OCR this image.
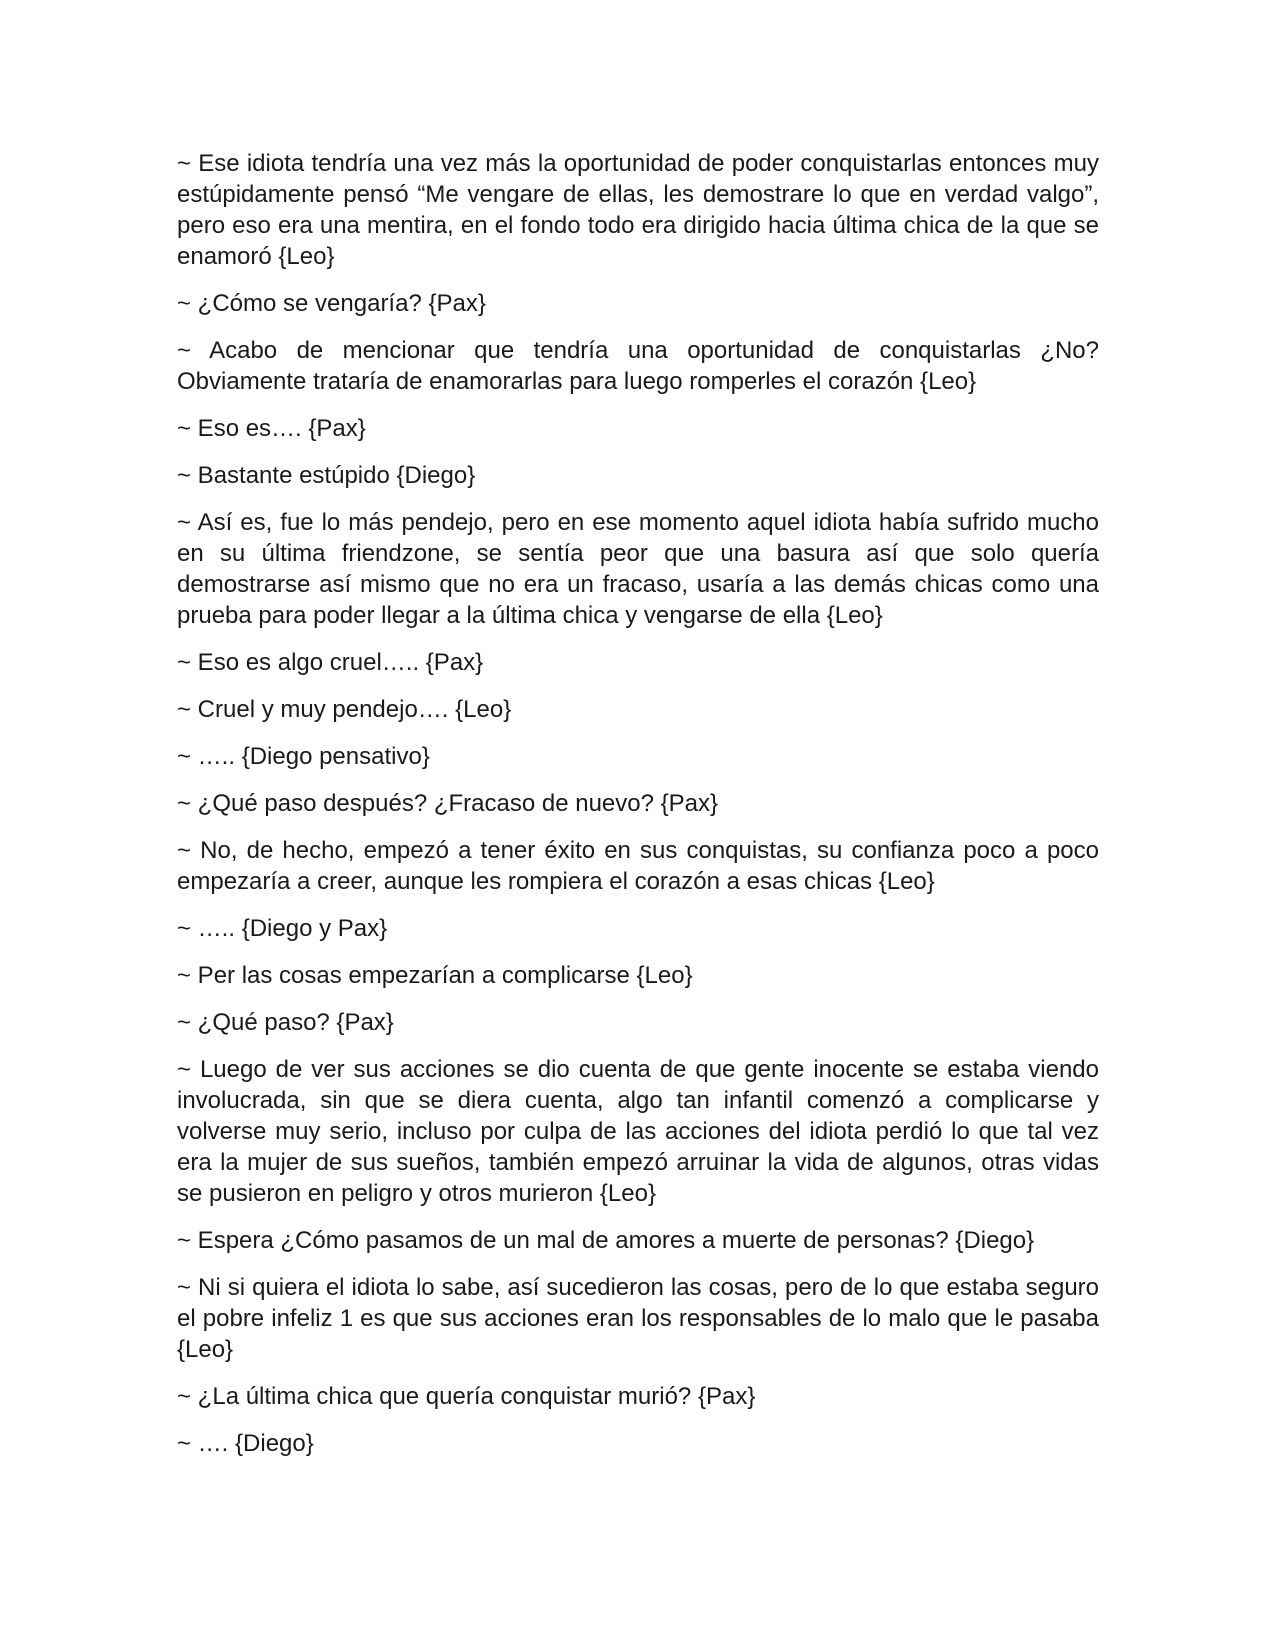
~ Ese idiota tendría una vez más la oportunidad de poder conquistarlas entonces muy estúpidamente pensó “Me vengare de ellas, les demostrare lo que en verdad valgo”, pero eso era una mentira, en el fondo todo era dirigido hacia última chica de la que se enamoró {Leo}

~ ¿Cómo se vengaría? {Pax}

~ Acabo de mencionar que tendría una oportunidad de conquistarlas ¿No? Obviamente trataría de enamorarlas para luego romperles el corazón {Leo}

~ Eso es…. {Pax}

~ Bastante estúpido {Diego}

~ Así es, fue lo más pendejo, pero en ese momento aquel idiota había sufrido mucho en su última friendzone, se sentía peor que una basura así que solo quería demostrarse así mismo que no era un fracaso, usaría a las demás chicas como una prueba para poder llegar a la última chica y vengarse de ella {Leo}

~ Eso es algo cruel….. {Pax}

~ Cruel y muy pendejo…. {Leo}

~ ….. {Diego pensativo}

~ ¿Qué paso después? ¿Fracaso de nuevo? {Pax}

~ No, de hecho, empezó a tener éxito en sus conquistas, su confianza poco a poco empezaría a creer, aunque les rompiera el corazón a esas chicas {Leo}

~ ….. {Diego y Pax}

~ Per las cosas empezarían a complicarse {Leo}

~ ¿Qué paso? {Pax}

~ Luego de ver sus acciones se dio cuenta de que gente inocente se estaba viendo involucrada, sin que se diera cuenta, algo tan infantil comenzó a complicarse y volverse muy serio, incluso por culpa de las acciones del idiota perdió lo que tal vez era la mujer de sus sueños, también empezó arruinar la vida de algunos, otras vidas se pusieron en peligro y otros murieron {Leo}

~ Espera ¿Cómo pasamos de un mal de amores a muerte de personas? {Diego}

~ Ni si quiera el idiota lo sabe, así sucedieron las cosas, pero de lo que estaba seguro el pobre infeliz 1 es que sus acciones eran los responsables de lo malo que le pasaba {Leo}

~ ¿La última chica que quería conquistar murió? {Pax}

~ …. {Diego}
